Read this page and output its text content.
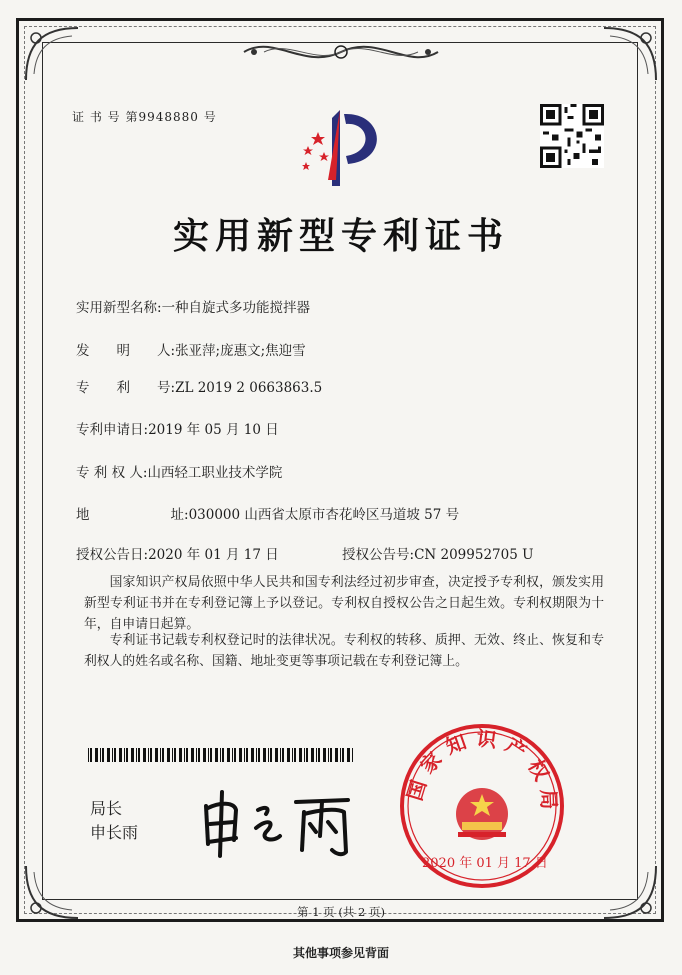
证 书 号 第9948880 号
实用新型专利证书
实用新型名称:一种自旋式多功能搅拌器
发　　明　　人:张亚萍;庞惠文;焦迎雪
专　　利　　号:ZL 2019 2 0663863.5
专利申请日:2019 年 05 月 10 日
专 利 权 人:山西轻工职业技术学院
地　　　　　　址:030000 山西省太原市杏花岭区马道坡 57 号
授权公告日:2020 年 01 月 17 日	授权公告号:CN 209952705 U
国家知识产权局依照中华人民共和国专利法经过初步审查，决定授予专利权，颁发实用新型专利证书并在专利登记簿上予以登记。专利权自授权公告之日起生效。专利权期限为十年，自申请日起算。
专利证书记载专利权登记时的法律状况。专利权的转移、质押、无效、终止、恢复和专利权人的姓名或名称、国籍、地址变更等事项记载在专利登记簿上。
局长
申长雨
国家知识产权局
2020 年 01 月 17 日
第 1 页 (共 2 页)
其他事项参见背面
